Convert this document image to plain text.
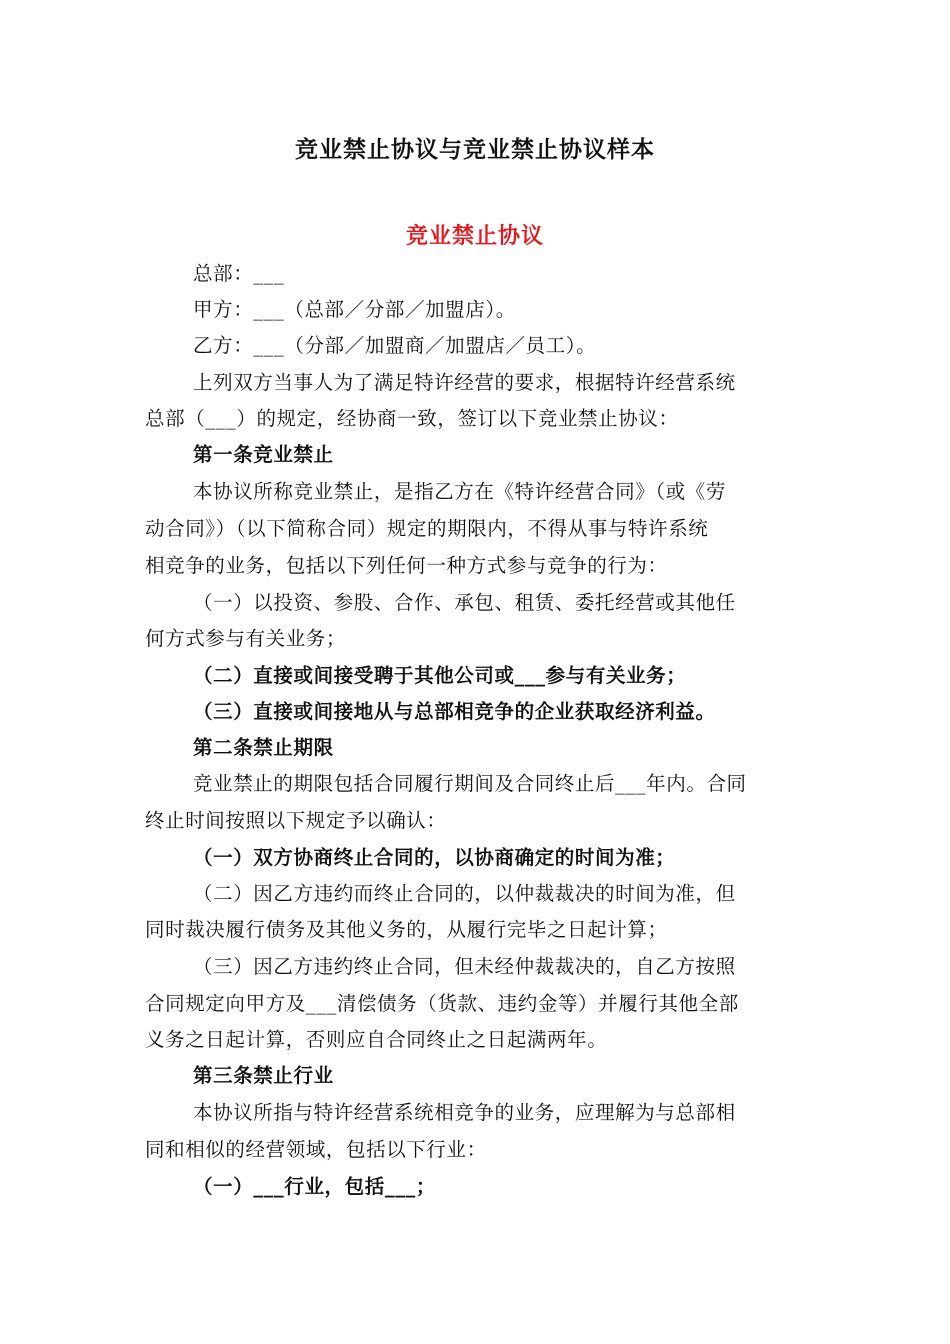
竞业禁止协议与竞业禁止协议样本
竞业禁止协议
总部：___
甲方：___（总部／分部／加盟店）。
乙方：___（分部／加盟商／加盟店／员工）。
上列双方当事人为了满足特许经营的要求，根据特许经营系统
总部（___）的规定，经协商一致，签订以下竞业禁止协议：
第一条竞业禁止
本协议所称竞业禁止，是指乙方在《特许经营合同》（或《劳
动合同》）（以下简称合同）规定的期限内，不得从事与特许系统
相竞争的业务，包括以下列任何一种方式参与竞争的行为：
（一）以投资、参股、合作、承包、租赁、委托经营或其他任
何方式参与有关业务；
（二）直接或间接受聘于其他公司或___参与有关业务；
（三）直接或间接地从与总部相竞争的企业获取经济利益。
第二条禁止期限
竞业禁止的期限包括合同履行期间及合同终止后___年内。合同
终止时间按照以下规定予以确认：
（一）双方协商终止合同的，以协商确定的时间为准；
（二）因乙方违约而终止合同的，以仲裁裁决的时间为准，但
同时裁决履行债务及其他义务的，从履行完毕之日起计算；
（三）因乙方违约终止合同，但未经仲裁裁决的，自乙方按照
合同规定向甲方及___清偿债务（货款、违约金等）并履行其他全部
义务之日起计算，否则应自合同终止之日起满两年。
第三条禁止行业
本协议所指与特许经营系统相竞争的业务，应理解为与总部相
同和相似的经营领域，包括以下行业：
（一）___行业，包括___；
